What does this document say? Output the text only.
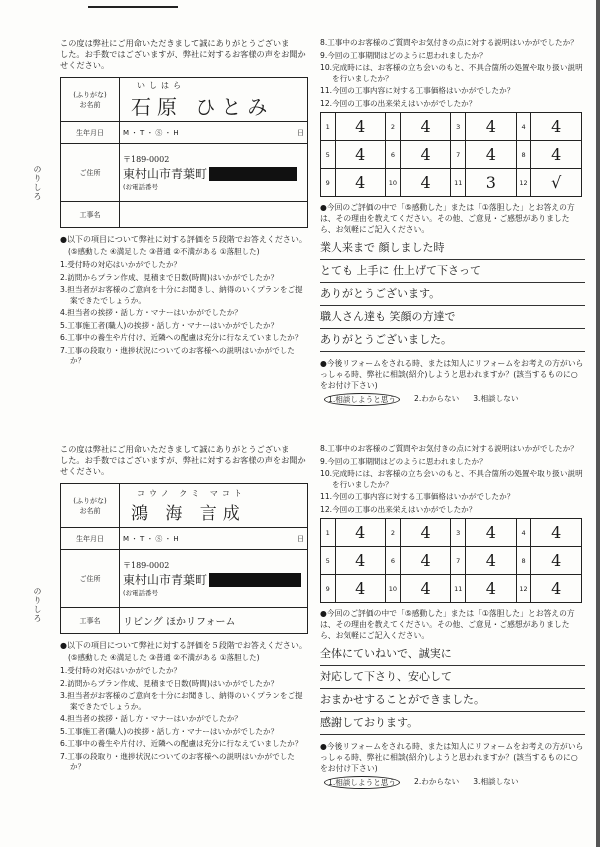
のりしろ

この度は弊社にご用命いただきまして誠にありがとうございま
した。お手数ではございますが、弊社に対するお客様の声をお聞か
せください。

(ふりがな)
お名前	いしはら
石原 ひとみ

生年月日	M・T・Ⓢ・H 日

ご住所	〒189-0002
東村山市青葉町
(お電話番号

工事名	

●以下の項目について弊社に対する評価を５段階でお答えください。

(⑤感動した ④満足した ③普通 ②不満がある ①落胆した)

1.受付時の対応はいかがでしたか？
2.訪問からプラン作成、見積まで日数(時間)はいかがでしたか？
3.担当者がお客様のご意向を十分にお聞きし、納得のいくプランをご提案できたでしょうか。
4.担当者の挨拶・話し方・マナーはいかがでしたか？
5.工事施工者(職人)の挨拶・話し方・マナーはいかがでしたか？
6.工事中の養生や片付け、近隣への配慮は充分に行なえていましたか？
7.工事の段取り・進捗状況についてのお客様への説明はいかがでしたか？

8.工事中のお客様のご質問やお気付きの点に対する説明はいかがでしたか？

9.今回の工事期間はどのように思われましたか？

10.完成時には、お客様の立ち会いのもと、不具合箇所の処置や取り扱い説明を行いましたか？

11.今回の工事内容に対する工事価格はいかがでしたか？

12.今回の工事の出来栄えはいかがでしたか？

1	4	2	4	3	4	4	4
5	4	6	4	7	4	8	4
9	4	10	4	11	3	12	√

●今回のご評価の中で「⑤感動した」または「①落胆した」とお答えの方は、その理由を教えてください。その他、ご意見・ご感想がありましたら、お気軽にご記入ください。

業人来まで 顔しました時
とても 上手に 仕上げて下さって
ありがとうございます。
職人さん達も 笑顔の方達で
ありがとうございました。

●今後リフォームをされる時、または知人にリフォームをお考えの方がいらっしゃる時、弊社に相談(紹介)しようと思われますか？(該当するものに○をお付け下さい)

1.相談しようと思う	2.わからない 3.相談しない
のりしろ

この度は弊社にご用命いただきまして誠にありがとうございま
した。お手数ではございますが、弊社に対するお客様の声をお聞か
せください。

(ふりがな)
お名前	コウノ クミ マコト
鴻 海 言成

生年月日	M・T・Ⓢ・H 日

ご住所	〒189-0002
東村山市青葉町
(お電話番号

工事名	リビング ほかリフォーム

●以下の項目について弊社に対する評価を５段階でお答えください。

(⑤感動した ④満足した ③普通 ②不満がある ①落胆した)

1.受付時の対応はいかがでしたか？
2.訪問からプラン作成、見積まで日数(時間)はいかがでしたか？
3.担当者がお客様のご意向を十分にお聞きし、納得のいくプランをご提案できたでしょうか。
4.担当者の挨拶・話し方・マナーはいかがでしたか？
5.工事施工者(職人)の挨拶・話し方・マナーはいかがでしたか？
6.工事中の養生や片付け、近隣への配慮は充分に行なえていましたか？
7.工事の段取り・進捗状況についてのお客様への説明はいかがでしたか？

8.工事中のお客様のご質問やお気付きの点に対する説明はいかがでしたか？

9.今回の工事期間はどのように思われましたか？

10.完成時には、お客様の立ち会いのもと、不具合箇所の処置や取り扱い説明を行いましたか？

11.今回の工事内容に対する工事価格はいかがでしたか？

12.今回の工事の出来栄えはいかがでしたか？

1	4	2	4	3	4	4	4
5	4	6	4	7	4	8	4
9	4	10	4	11	4	12	4

●今回のご評価の中で「⑤感動した」または「①落胆した」とお答えの方は、その理由を教えてください。その他、ご意見・ご感想がありましたら、お気軽にご記入ください。

全体にていねいで、誠実に
対応して下さり、安心して
おまかせすることができました。
感謝しております。

●今後リフォームをされる時、または知人にリフォームをお考えの方がいらっしゃる時、弊社に相談(紹介)しようと思われますか？(該当するものに○をお付け下さい)

1.相談しようと思う	2.わからない 3.相談しない
